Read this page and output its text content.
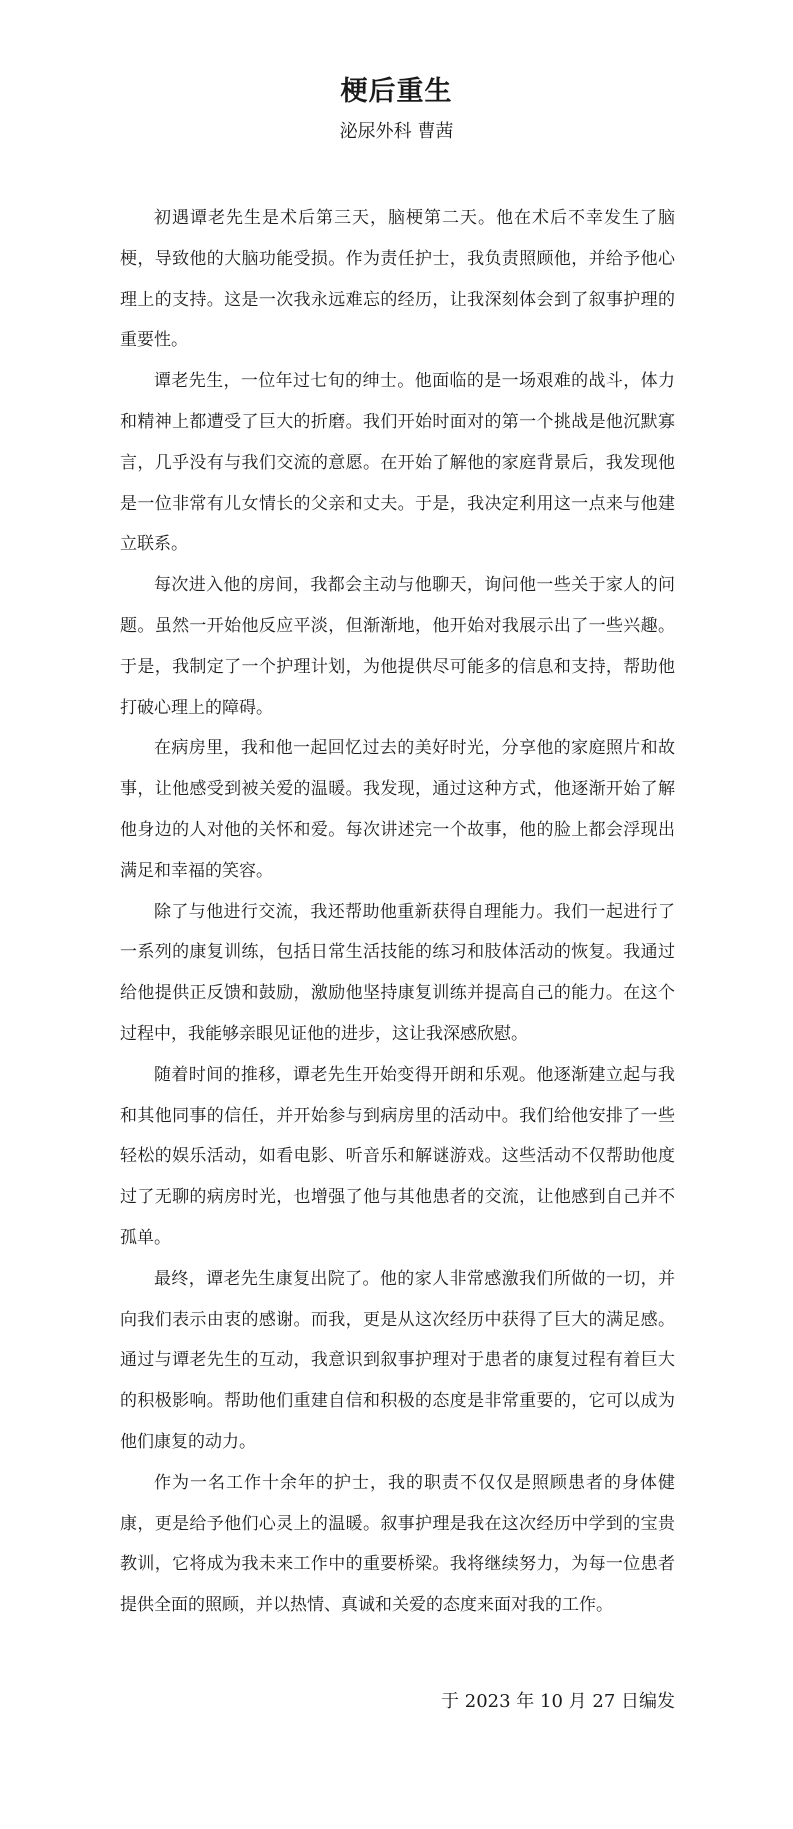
梗后重生
泌尿外科 曹茜

初遇谭老先生是术后第三天，脑梗第二天。他在术后不幸发生了脑梗，导致他的大脑功能受损。作为责任护士，我负责照顾他，并给予他心理上的支持。这是一次我永远难忘的经历，让我深刻体会到了叙事护理的重要性。

谭老先生，一位年过七旬的绅士。他面临的是一场艰难的战斗，体力和精神上都遭受了巨大的折磨。我们开始时面对的第一个挑战是他沉默寡言，几乎没有与我们交流的意愿。在开始了解他的家庭背景后，我发现他是一位非常有儿女情长的父亲和丈夫。于是，我决定利用这一点来与他建立联系。

每次进入他的房间，我都会主动与他聊天，询问他一些关于家人的问题。虽然一开始他反应平淡，但渐渐地，他开始对我展示出了一些兴趣。于是，我制定了一个护理计划，为他提供尽可能多的信息和支持，帮助他打破心理上的障碍。

在病房里，我和他一起回忆过去的美好时光，分享他的家庭照片和故事，让他感受到被关爱的温暖。我发现，通过这种方式，他逐渐开始了解他身边的人对他的关怀和爱。每次讲述完一个故事，他的脸上都会浮现出满足和幸福的笑容。

除了与他进行交流，我还帮助他重新获得自理能力。我们一起进行了一系列的康复训练，包括日常生活技能的练习和肢体活动的恢复。我通过给他提供正反馈和鼓励，激励他坚持康复训练并提高自己的能力。在这个过程中，我能够亲眼见证他的进步，这让我深感欣慰。

随着时间的推移，谭老先生开始变得开朗和乐观。他逐渐建立起与我和其他同事的信任，并开始参与到病房里的活动中。我们给他安排了一些轻松的娱乐活动，如看电影、听音乐和解谜游戏。这些活动不仅帮助他度过了无聊的病房时光，也增强了他与其他患者的交流，让他感到自己并不孤单。

最终，谭老先生康复出院了。他的家人非常感激我们所做的一切，并向我们表示由衷的感谢。而我，更是从这次经历中获得了巨大的满足感。通过与谭老先生的互动，我意识到叙事护理对于患者的康复过程有着巨大的积极影响。帮助他们重建自信和积极的态度是非常重要的，它可以成为他们康复的动力。

作为一名工作十余年的护士，我的职责不仅仅是照顾患者的身体健康，更是给予他们心灵上的温暖。叙事护理是我在这次经历中学到的宝贵教训，它将成为我未来工作中的重要桥梁。我将继续努力，为每一位患者提供全面的照顾，并以热情、真诚和关爱的态度来面对我的工作。

于 2023 年 10 月 27 日编发
